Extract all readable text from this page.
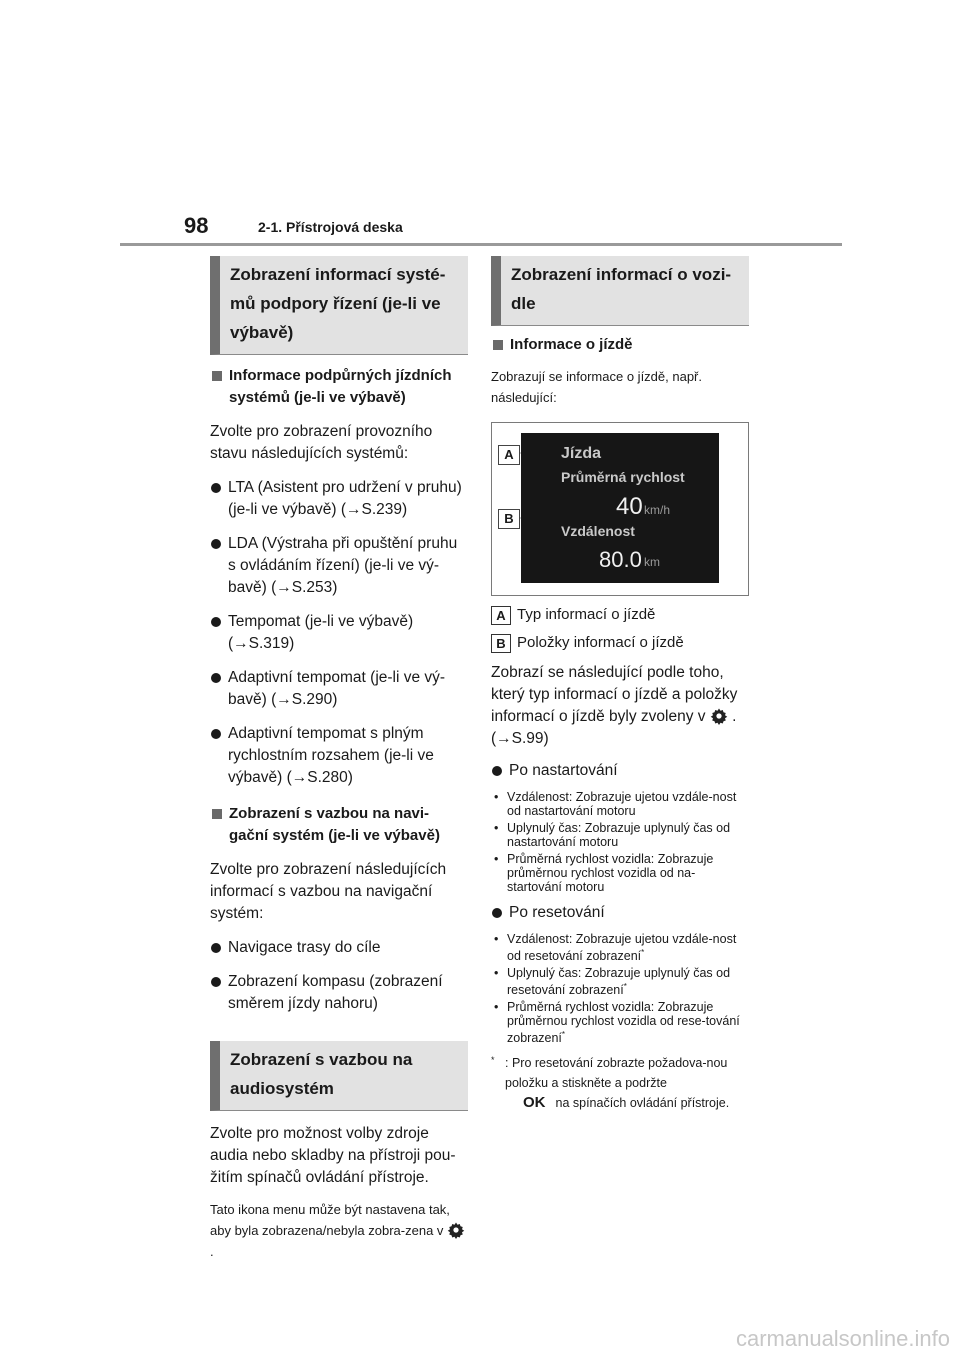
98	2-1. Přístrojová deska
Zobrazení informací systé-mů podpory řízení (je-li ve výbavě)
Informace podpůrných jízdních systémů (je-li ve výbavě)

Zvolte pro zobrazení provozního stavu následujících systémů:

LTA (Asistent pro udržení v pruhu) (je-li ve výbavě) (→S.239)
LDA (Výstraha při opuštění pruhu s ovládáním řízení) (je-li ve vý-bavě) (→S.253)
Tempomat (je-li ve výbavě) (→S.319)
Adaptivní tempomat (je-li ve vý-bavě) (→S.290)
Adaptivní tempomat s plným rychlostním rozsahem (je-li ve výbavě) (→S.280)
Zobrazení s vazbou na navi-gační systém (je-li ve výbavě)

Zvolte pro zobrazení následujících informací s vazbou na navigační systém:

Navigace trasy do cíle
Zobrazení kompasu (zobrazení směrem jízdy nahoru)
Zobrazení s vazbou na audiosystém

Zvolte pro možnost volby zdroje audia nebo skladby na přístroji pou-žitím spínačů ovládání přístroje.

Tato ikona menu může být nastavena tak, aby byla zobrazena/nebyla zobra-zena v  .

Zobrazení informací o vozi-dle
Informace o jízdě

Zobrazují se informace o jízdě, např. následující:

A
B
Jízda
Průměrná rychlost
40 km/h
Vzdálenost
80.0 km
A Typ informací o jízdě
B Položky informací o jízdě

Zobrazí se následující podle toho, který typ informací o jízdě a položky informací o jízdě byly zvoleny v .
(→S.99)

Po nastartování
• Vzdálenost: Zobrazuje ujetou vzdále-nost od nastartování motoru
• Uplynulý čas: Zobrazuje uplynulý čas od nastartování motoru
• Průměrná rychlost vozidla: Zobrazuje průměrnou rychlost vozidla od na-startování motoru
Po resetování
• Vzdálenost: Zobrazuje ujetou vzdále-nost od resetování zobrazení*
• Uplynulý čas: Zobrazuje uplynulý čas od resetování zobrazení*
• Průměrná rychlost vozidla: Zobrazuje průměrnou rychlost vozidla od rese-tování zobrazení*
* : Pro resetování zobrazte požadova-nou položku a stiskněte a podržte
OK na spínačích ovládání přístroje.
carmanualsonline.info
